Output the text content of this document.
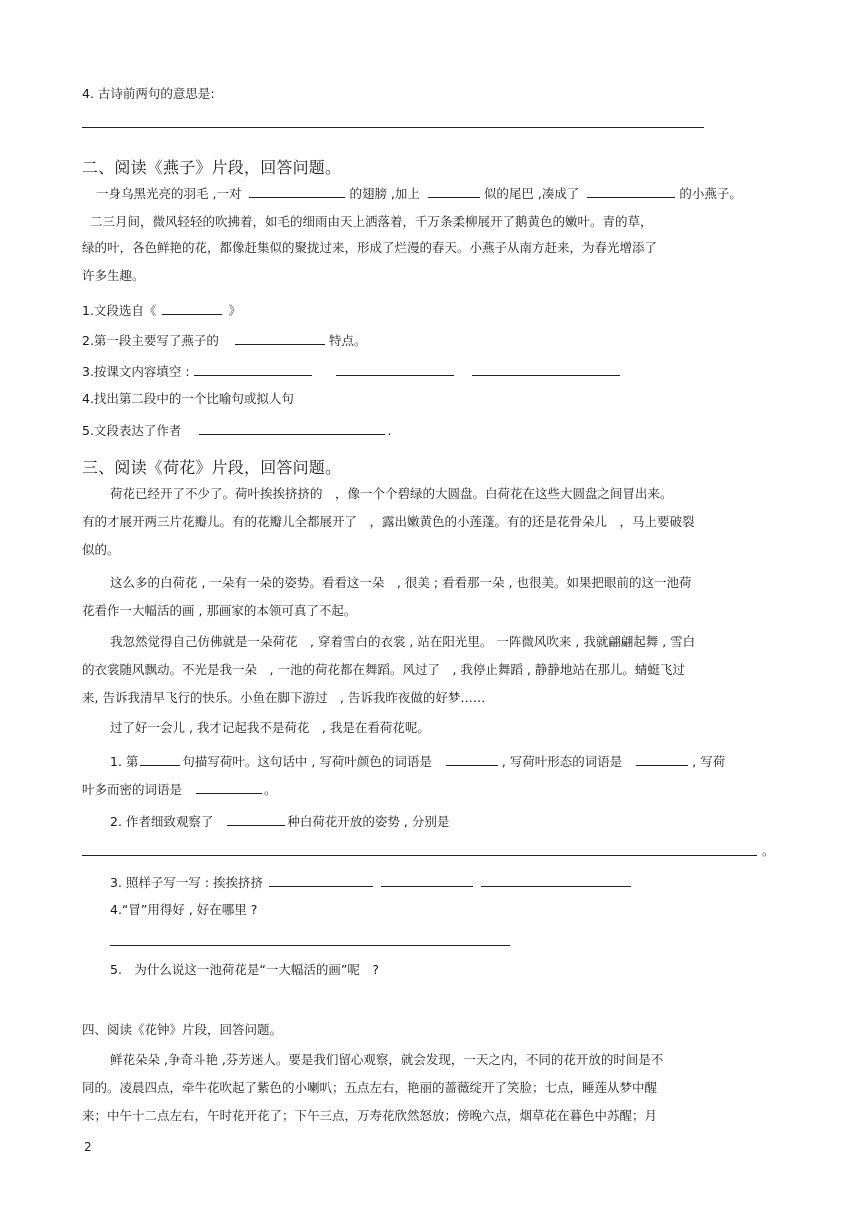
4. 古诗前两句的意思是:
二、阅读《燕子》片段，回答问题。
一身乌黑光亮的羽毛 ,一对	的翅膀 ,加上	似的尾巴 ,凑成了	的小燕子。
二三月间，微风轻轻的吹拂着，如毛的细雨由天上洒落着，千万条柔柳展开了鹅黄色的嫩叶。青的草，
绿的叶，各色鲜艳的花，都像赶集似的聚拢过来，形成了烂漫的春天。小燕子从南方赶来，为春光增添了
许多生趣。
1.文段选自《	》
2.第一段主要写了燕子的	特点。
3.按课文内容填空 :
4.找出第二段中的一个比喻句或拟人句
5.文段表达了作者	.
三、阅读《荷花》片段，回答问题。
荷花已经开了不少了。荷叶挨挨挤挤的　，像一个个碧绿的大圆盘。白荷花在这些大圆盘之间冒出来。
有的才展开两三片花瓣儿。有的花瓣儿全都展开了　，露出嫩黄色的小莲蓬。有的还是花骨朵儿　，马上要破裂
似的。
这么多的白荷花 , 一朵有一朵的姿势。看看这一朵　, 很美 ; 看看那一朵 , 也很美。如果把眼前的这一池荷
花看作一大幅活的画 , 那画家的本领可真了不起。
我忽然觉得自己仿佛就是一朵荷花　, 穿着雪白的衣裳 , 站在阳光里。 一阵微风吹来 , 我就翩翩起舞 , 雪白
的衣裳随风飘动。不光是我一朵　, 一池的荷花都在舞蹈。风过了　, 我停止舞蹈 , 静静地站在那儿。蜻蜓飞过
来, 告诉我清早飞行的快乐。小鱼在脚下游过　, 告诉我昨夜做的好梦……
过了好一会儿 , 我才记起我不是荷花　, 我是在看荷花呢。
1. 第	句描写荷叶。这句话中 , 写荷叶颜色的词语是	, 写荷叶形态的词语是	, 写荷
叶多而密的词语是	。
2. 作者细致观察了	种白荷花开放的姿势 , 分别是
。
3. 照样子写一写 : 挨挨挤挤
4.“冒”用得好 , 好在哪里 ?
5.　为什么说这一池荷花是“一大幅活的画”呢　?
四、阅读《花钟》片段，回答问题。
鲜花朵朵 ,争奇斗艳 ,芬芳迷人。要是我们留心观察，就会发现，一天之内，不同的花开放的时间是不
同的。凌晨四点，牵牛花吹起了紫色的小喇叭；五点左右，艳丽的蔷薇绽开了笑脸；七点，睡莲从梦中醒
来；中午十二点左右，午时花开花了；下午三点，万寿花欣然怒放；傍晚六点，烟草花在暮色中苏醒；月
2
